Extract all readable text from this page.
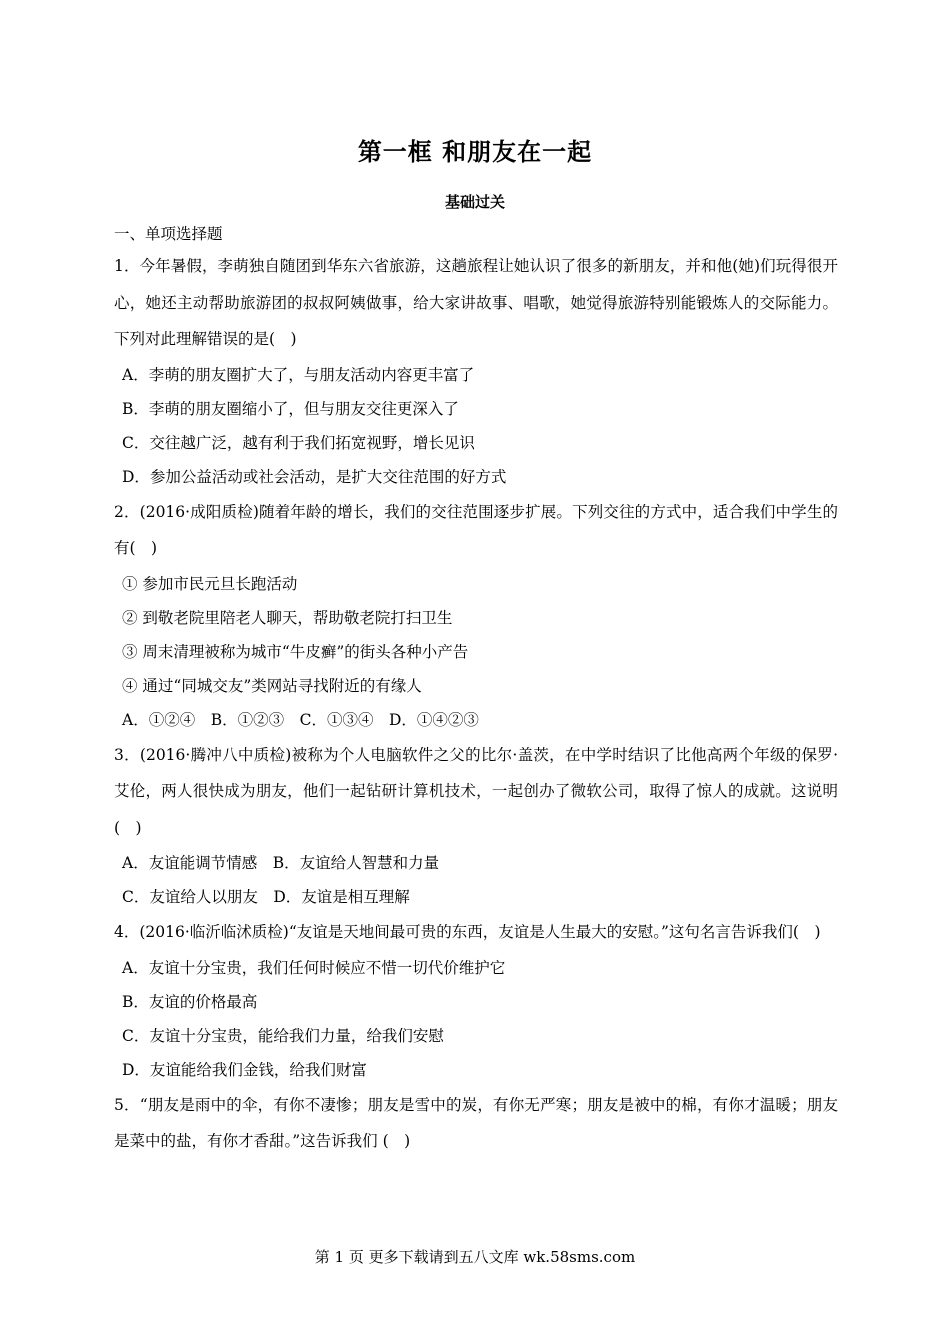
第一框 和朋友在一起
基础过关

一、单项选择题

1．今年暑假，李萌独自随团到华东六省旅游，这趟旅程让她认识了很多的新朋友，并和他(她)们玩得很开心，她还主动帮助旅游团的叔叔阿姨做事，给大家讲故事、唱歌，她觉得旅游特别能锻炼人的交际能力。下列对此理解错误的是(　)

A．李萌的朋友圈扩大了，与朋友活动内容更丰富了

B．李萌的朋友圈缩小了，但与朋友交往更深入了

C．交往越广泛，越有利于我们拓宽视野，增长见识

D．参加公益活动或社会活动，是扩大交往范围的好方式

2．(2016·成阳质检)随着年龄的增长，我们的交往范围逐步扩展。下列交往的方式中，适合我们中学生的有(　)

① 参加市民元旦长跑活动

② 到敬老院里陪老人聊天，帮助敬老院打扫卫生

③ 周末清理被称为城市“牛皮癣”的街头各种小产告

④ 通过“同城交友”类网站寻找附近的有缘人

A．①②④　B．①②③　C．①③④　D．①④②③

3．(2016·腾冲八中质检)被称为个人电脑软件之父的比尔·盖茨，在中学时结识了比他高两个年级的保罗·艾伦，两人很快成为朋友，他们一起钻研计算机技术，一起创办了微软公司，取得了惊人的成就。这说明 (　)

A．友谊能调节情感　B．友谊给人智慧和力量

C．友谊给人以朋友　D．友谊是相互理解

4．(2016·临沂临沭质检)“友谊是天地间最可贵的东西，友谊是人生最大的安慰。”这句名言告诉我们(　)

A．友谊十分宝贵，我们任何时候应不惜一切代价维护它

B．友谊的价格最高

C．友谊十分宝贵，能给我们力量，给我们安慰

D．友谊能给我们金钱，给我们财富

5．“朋友是雨中的伞，有你不凄惨；朋友是雪中的炭，有你无严寒；朋友是被中的棉，有你才温暖；朋友是菜中的盐，有你才香甜。”这告诉我们 (　)

第 1 页 更多下载请到五八文库 wk.58sms.com
